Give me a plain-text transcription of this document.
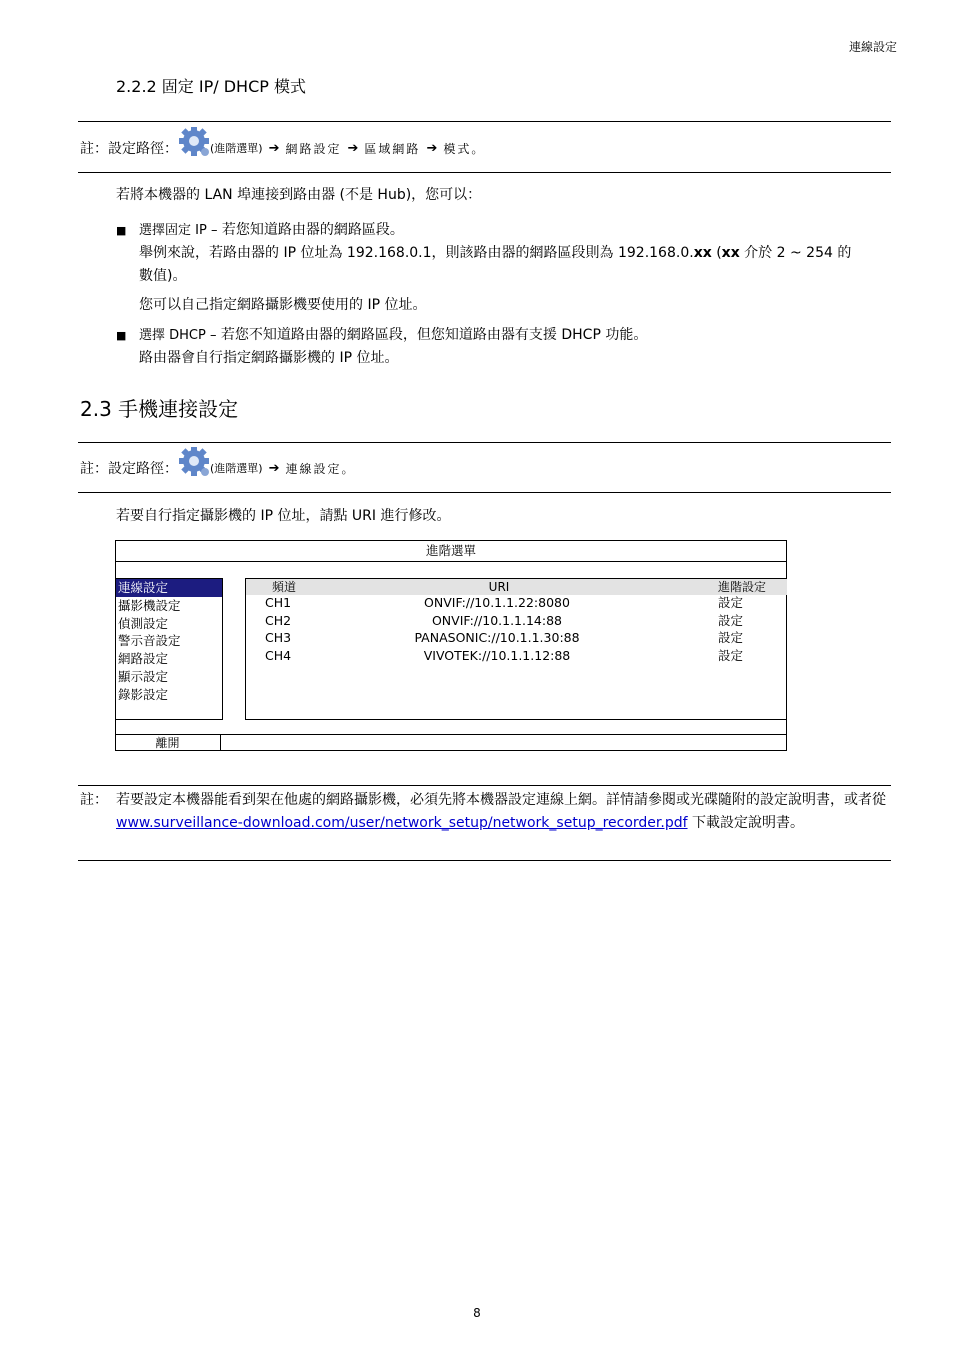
連線設定
2.2.2 固定 IP/ DHCP 模式
註：設定路徑：	(進階選單) ➔ 網路設定 ➔ 區域網路 ➔ 模式。
若將本機器的 LAN 埠連接到路由器 (不是 Hub)，您可以：
■ 選擇固定 IP – 若您知道路由器的網路區段。
舉例來說，若路由器的 IP 位址為 192.168.0.1，則該路由器的網路區段則為 192.168.0.xx (xx 介於 2 ~ 254 的
數值)。
您可以自己指定網路攝影機要使用的 IP 位址。
■ 選擇 DHCP – 若您不知道路由器的網路區段，但您知道路由器有支援 DHCP 功能。
路由器會自行指定網路攝影機的 IP 位址。
2.3 手機連接設定
註：設定路徑：	(進階選單) ➔ 連線設定。
若要自行指定攝影機的 IP 位址，請點 URI 進行修改。
進階選單
連線設定
攝影機設定
偵測設定
警示音設定
網路設定
顯示設定
錄影設定
頻道	URI	進階設定
CH1	ONVIF://10.1.1.22:8080	設定
CH2	ONVIF://10.1.1.14:88	設定
CH3	PANASONIC://10.1.1.30:88	設定
CH4	VIVOTEK://10.1.1.12:88	設定
離開
註： 若要設定本機器能看到架在他處的網路攝影機，必須先將本機器設定連線上網。詳情請參閱或光碟隨附的設定說明書，或者從 www.surveillance-download.com/user/network_setup/network_setup_recorder.pdf 下載設定說明書。
8
